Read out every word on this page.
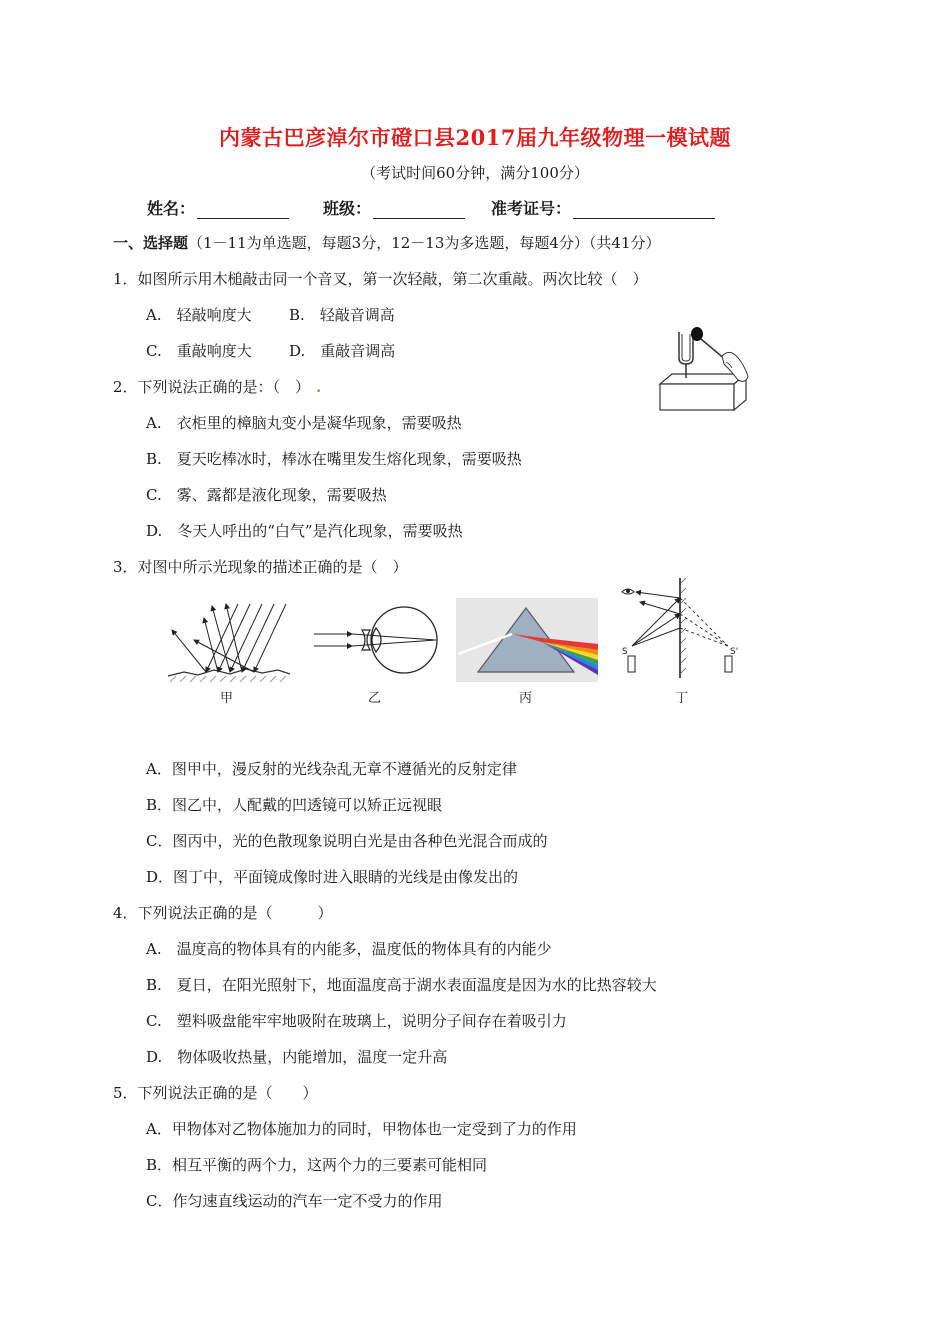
内蒙古巴彦淖尔市磴口县2017届九年级物理一模试题
（考试时间60分钟，满分100分）
姓名：	班级：	准考证号：
一、选择题（1－11为单选题，每题3分，12－13为多选题，每题4分）（共41分）
1．如图所示用木槌敲击同一个音叉，第一次轻敲，第二次重敲。两次比较（　）
A.　轻敲响度大 B.　轻敲音调高
C.　重敲响度大 D.　重敲音调高
2．下列说法正确的是：（　） .
A.　衣柜里的樟脑丸变小是凝华现象，需要吸热
B.　夏天吃棒冰时，棒冰在嘴里发生熔化现象，需要吸热
C.　雾、露都是液化现象，需要吸热
D.　冬天人呼出的“白气”是汽化现象，需要吸热
3．对图中所示光现象的描述正确的是（　）
甲	乙	丙
S	S'
丁
A．图甲中，漫反射的光线杂乱无章不遵循光的反射定律
B．图乙中，人配戴的凹透镜可以矫正远视眼
C．图丙中，光的色散现象说明白光是由各种色光混合而成的
D．图丁中，平面镜成像时进入眼睛的光线是由像发出的
4．下列说法正确的是（　　　）
A.　温度高的物体具有的内能多，温度低的物体具有的内能少
B.　夏日，在阳光照射下，地面温度高于湖水表面温度是因为水的比热容较大
C.　塑料吸盘能牢牢地吸附在玻璃上，说明分子间存在着吸引力
D.　物体吸收热量，内能增加，温度一定升高
5．下列说法正确的是（　　）
A．甲物体对乙物体施加力的同时，甲物体也一定受到了力的作用
B．相互平衡的两个力，这两个力的三要素可能相同
C．作匀速直线运动的汽车一定不受力的作用
